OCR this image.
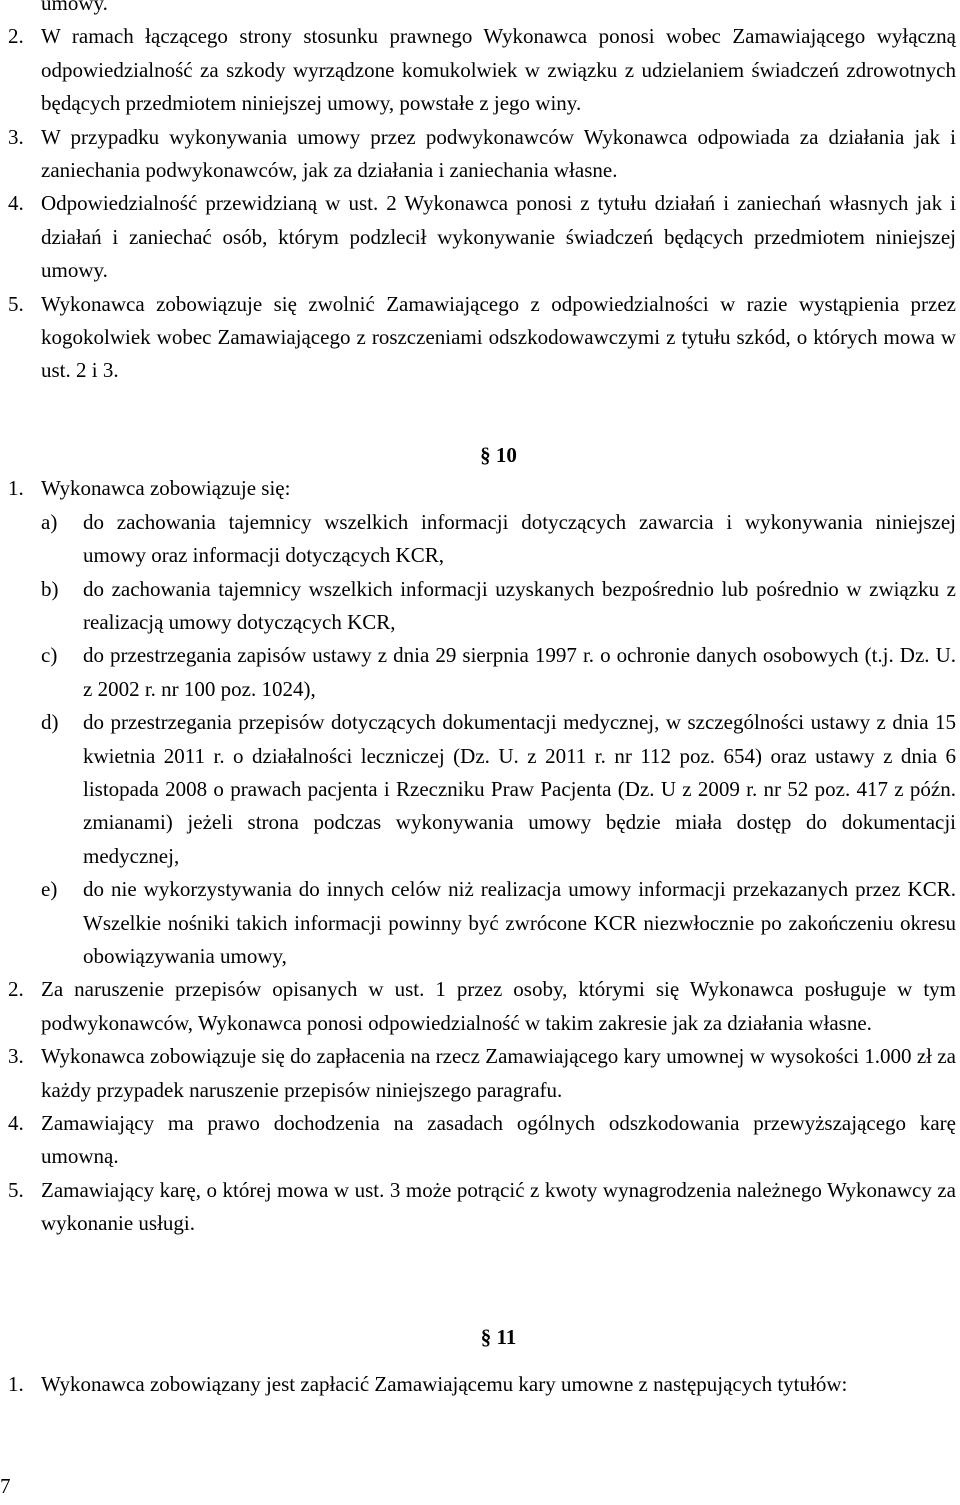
umowy.
2. W ramach łączącego strony stosunku prawnego Wykonawca ponosi wobec Zamawiającego wyłączną odpowiedzialność za szkody wyrządzone komukolwiek w związku z udzielaniem świadczeń zdrowotnych będących przedmiotem niniejszej umowy, powstałe z jego winy.
3. W przypadku wykonywania umowy przez podwykonawców Wykonawca odpowiada za działania jak i zaniechania podwykonawców, jak za działania i zaniechania własne.
4. Odpowiedzialność przewidzianą w ust. 2 Wykonawca ponosi z tytułu działań i zaniechań własnych jak i działań i zaniechać osób, którym podzlecił wykonywanie świadczeń będących przedmiotem niniejszej umowy.
5. Wykonawca zobowiązuje się zwolnić Zamawiającego z odpowiedzialności w razie wystąpienia przez kogokolwiek wobec Zamawiającego z roszczeniami odszkodowawczymi z tytułu szkód, o których mowa w ust. 2 i 3.
§ 10
1. Wykonawca zobowiązuje się:
a)	do zachowania tajemnicy wszelkich informacji dotyczących zawarcia i wykonywania niniejszej umowy oraz informacji dotyczących KCR,
b)	do zachowania tajemnicy wszelkich informacji uzyskanych bezpośrednio lub pośrednio w związku z realizacją umowy dotyczących KCR,
c)	do przestrzegania zapisów ustawy z dnia 29 sierpnia 1997 r. o ochronie danych osobowych (t.j. Dz. U. z 2002 r. nr 100 poz. 1024),
d)	do przestrzegania przepisów dotyczących dokumentacji medycznej, w szczególności ustawy z dnia 15 kwietnia 2011 r. o działalności leczniczej (Dz. U. z 2011 r. nr 112 poz. 654) oraz ustawy z dnia 6 listopada 2008 o prawach pacjenta i Rzeczniku Praw Pacjenta (Dz. U z 2009 r. nr 52 poz. 417 z późn. zmianami) jeżeli strona podczas wykonywania umowy będzie miała dostęp do dokumentacji medycznej,
e)	do nie wykorzystywania do innych celów niż realizacja umowy informacji przekazanych przez KCR. Wszelkie nośniki takich informacji powinny być zwrócone KCR niezwłocznie po zakończeniu okresu obowiązywania umowy,
2. Za naruszenie przepisów opisanych w ust. 1 przez osoby, którymi się Wykonawca posługuje w tym podwykonawców, Wykonawca ponosi odpowiedzialność w takim zakresie jak za działania własne.
3. Wykonawca zobowiązuje się do zapłacenia na rzecz Zamawiającego kary umownej w wysokości 1.000 zł za każdy przypadek naruszenie przepisów niniejszego paragrafu.
4. Zamawiający ma prawo dochodzenia na zasadach ogólnych odszkodowania przewyższającego karę umowną.
5. Zamawiający karę, o której mowa w ust. 3 może potrącić z kwoty wynagrodzenia należnego Wykonawcy za wykonanie usługi.
§ 11
1. Wykonawca zobowiązany jest zapłacić Zamawiającemu kary umowne z następujących tytułów:
7
